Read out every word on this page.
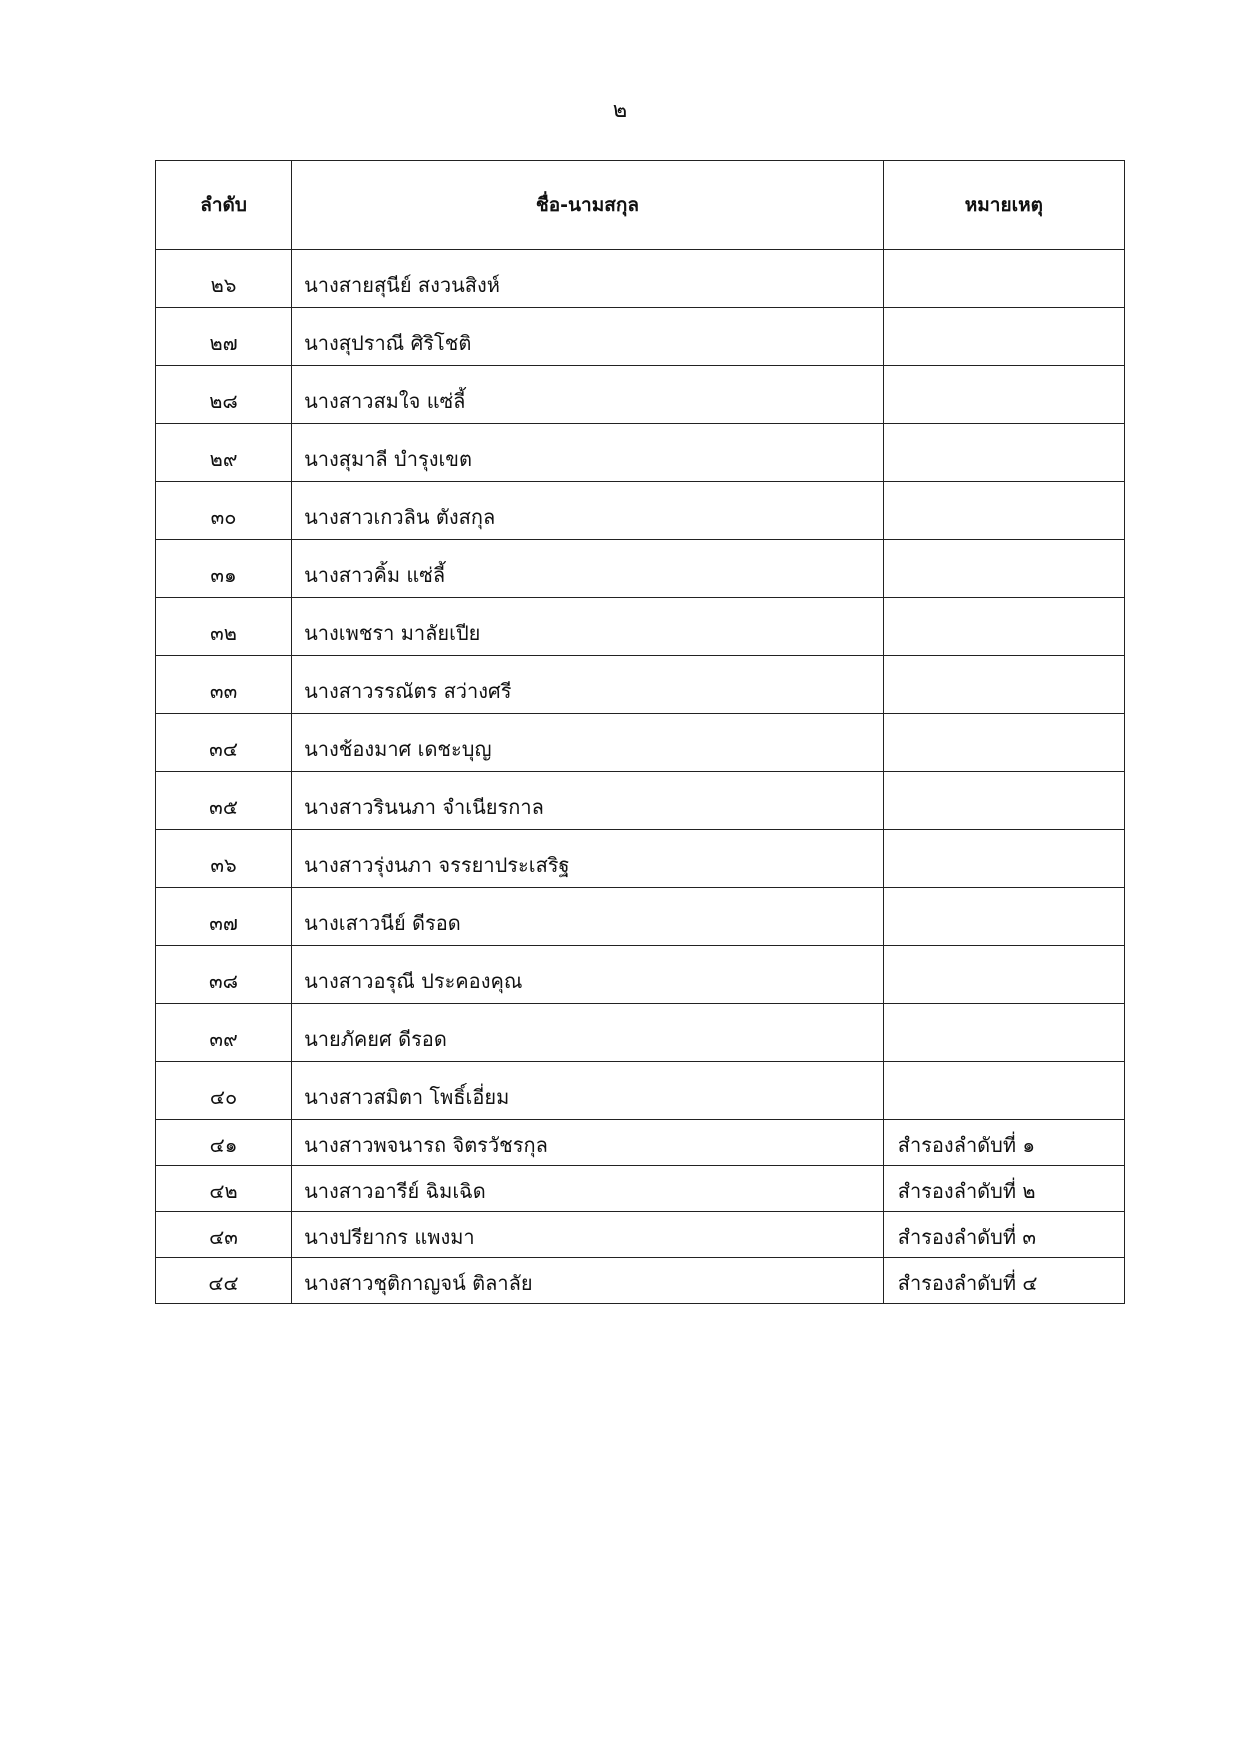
๒
ลำดับ	ชื่อ-นามสกุล	หมายเหตุ
๒๖	นางสายสุนีย์ สงวนสิงห์	
๒๗	นางสุปราณี ศิริโชติ	
๒๘	นางสาวสมใจ แซ่ลี้	
๒๙	นางสุมาลี บำรุงเขต	
๓๐	นางสาวเกวลิน ตังสกุล	
๓๑	นางสาวคิ้ม แซ่ลี้	
๓๒	นางเพชรา มาลัยเปีย	
๓๓	นางสาวรรณัตร สว่างศรี	
๓๔	นางช้องมาศ เดชะบุญ	
๓๕	นางสาวรินนภา จำเนียรกาล	
๓๖	นางสาวรุ่งนภา จรรยาประเสริฐ	
๓๗	นางเสาวนีย์ ดีรอด	
๓๘	นางสาวอรุณี ประคองคุณ	
๓๙	นายภัคยศ ดีรอด	
๔๐	นางสาวสมิตา โพธิ์เอี่ยม	
๔๑	นางสาวพจนารถ จิตรวัชรกุล	สำรองลำดับที่ ๑
๔๒	นางสาวอารีย์ ฉิมเฉิด	สำรองลำดับที่ ๒
๔๓	นางปรียากร แพงมา	สำรองลำดับที่ ๓
๔๔	นางสาวชุติกาญจน์ ติลาลัย	สำรองลำดับที่ ๔
